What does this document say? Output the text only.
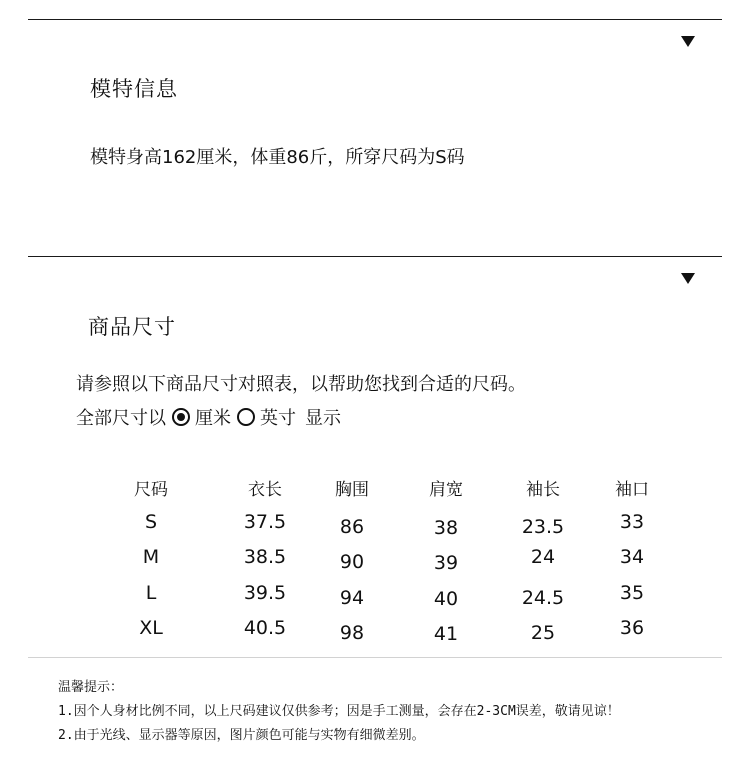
模特信息
模特身高162厘米，体重86斤，所穿尺码为S码
商品尺寸
请参照以下商品尺寸对照表，以帮助您找到合适的尺码。
全部尺寸以 厘米 英寸 显示
尺码	衣长	胸围	肩宽	袖长	袖口
S	37.5	86	38	23.5	33
M	38.5	90	39	24	34
L	39.5	94	40	24.5	35
XL	40.5	98	41	25	36
温馨提示：
1.因个人身材比例不同，以上尺码建议仅供参考；因是手工测量，会存在2-3CM误差，敬请见谅！
2.由于光线、显示器等原因，图片颜色可能与实物有细微差别。
